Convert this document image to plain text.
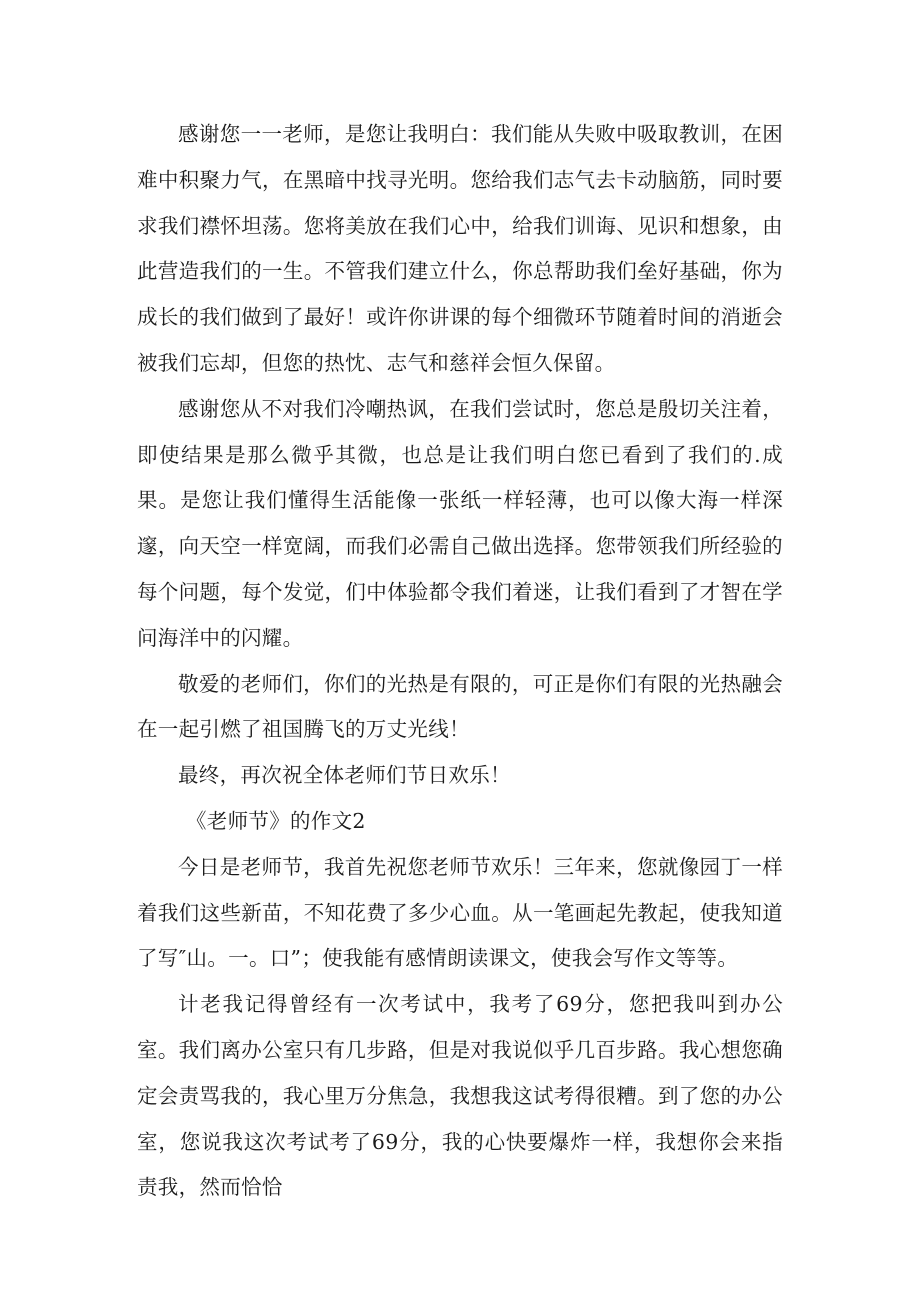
感谢您一一老师，是您让我明白：我们能从失败中吸取教训，在困难中积聚力气，在黑暗中找寻光明。您给我们志气去卡动脑筋，同时要求我们襟怀坦荡。您将美放在我们心中，给我们训诲、见识和想象，由此营造我们的一生。不管我们建立什么，你总帮助我们垒好基础，你为成长的我们做到了最好！或许你讲课的每个细微环节随着时间的消逝会被我们忘却，但您的热忱、志气和慈祥会恒久保留。

感谢您从不对我们冷嘲热讽，在我们尝试时，您总是殷切关注着，即使结果是那么微乎其微，也总是让我们明白您已看到了我们的.成果。是您让我们懂得生活能像一张纸一样轻薄，也可以像大海一样深邃，向天空一样宽阔，而我们必需自己做出选择。您带领我们所经验的每个问题，每个发觉，们中体验都令我们着迷，让我们看到了才智在学问海洋中的闪耀。

敬爱的老师们，你们的光热是有限的，可正是你们有限的光热融会在一起引燃了祖国腾飞的万丈光线！

最终，再次祝全体老师们节日欢乐！

《老师节》的作文2

今日是老师节，我首先祝您老师节欢乐！三年来，您就像园丁一样着我们这些新苗，不知花费了多少心血。从一笔画起先教起，使我知道了写″山。一。口”；使我能有感情朗读课文，使我会写作文等等。

计老我记得曾经有一次考试中，我考了69分，您把我叫到办公室。我们离办公室只有几步路，但是对我说似乎几百步路。我心想您确定会责骂我的，我心里万分焦急，我想我这试考得很糟。到了您的办公室，您说我这次考试考了69分，我的心快要爆炸一样，我想你会来指责我，然而恰恰
